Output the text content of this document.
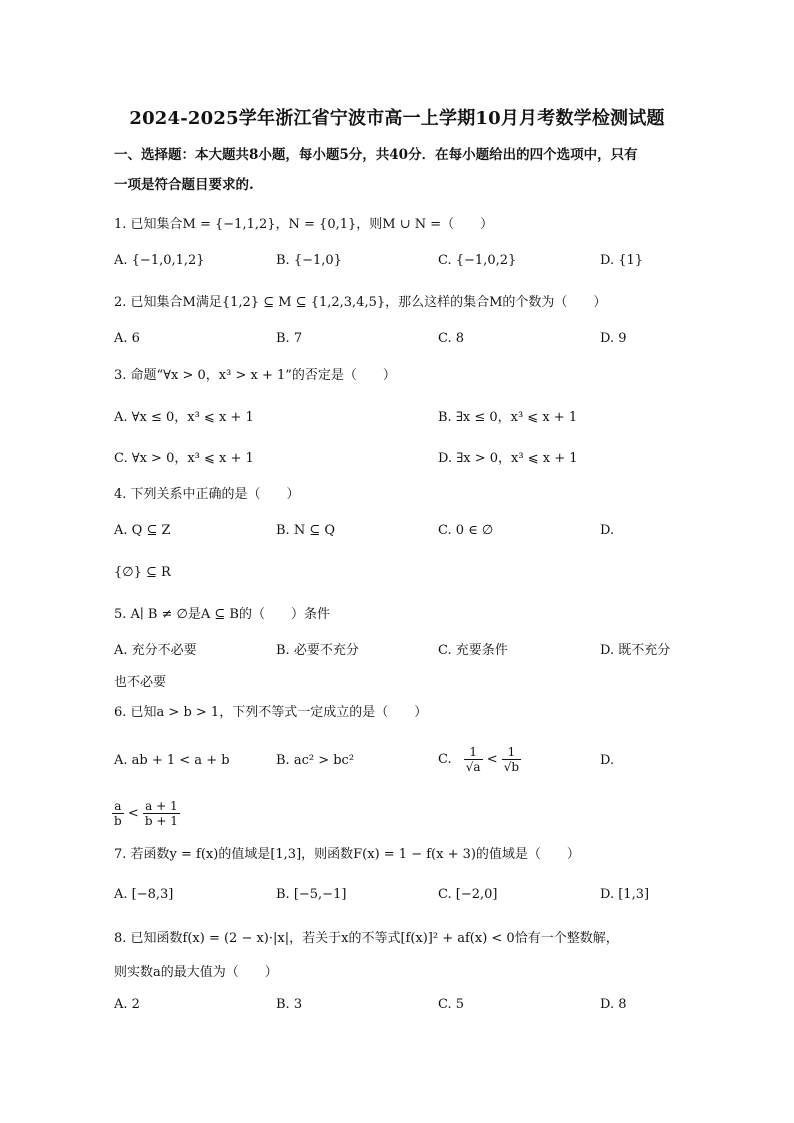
2024-2025学年浙江省宁波市高一上学期10月月考数学检测试题
一、选择题：本大题共8小题，每小题5分，共40分．在每小题给出的四个选项中，只有
一项是符合题目要求的.
1. 已知集合M = {−1,1,2}，N = {0,1}，则M ∪ N =（　　）
A. {−1,0,1,2}	B. {−1,0}	C. {−1,0,2}	D. {1}
2. 已知集合M满足{1,2} ⊆ M ⊆ {1,2,3,4,5}，那么这样的集合M的个数为（　　）
A. 6	B. 7	C. 8	D. 9
3. 命题“∀x > 0，x³ > x + 1”的否定是（　　）
A. ∀x ≤ 0，x³ ⩽ x + 1	B. ∃x ≤ 0，x³ ⩽ x + 1
C. ∀x > 0，x³ ⩽ x + 1	D. ∃x > 0，x³ ⩽ x + 1
4. 下列关系中正确的是（　　）
A. Q ⊆ Z	B. N ⊆ Q	C. 0 ∈ ∅	D.
{∅} ⊆ R
5. A∣ B ≠ ∅是A ⊆ B的（　　）条件
A. 充分不必要	B. 必要不充分	C. 充要条件	D. 既不充分
也不必要
6. 已知a > b > 1，下列不等式一定成立的是（　　）
A. ab + 1 < a + b	B. ac² > bc²	C. $\frac{1}{√a} < \frac{1}{√b}$	D.
$\frac{a}{b} < \frac{a + 1}{b + 1}$
7. 若函数y = f(x)的值域是[1,3]，则函数F(x) = 1 − f(x + 3)的值域是（　　）
A. [−8,3]	B. [−5,−1]	C. [−2,0]	D. [1,3]
8. 已知函数f(x) = (2 − x)·|x|，若关于x的不等式[f(x)]² + af(x) < 0恰有一个整数解，
则实数a的最大值为（　　）
A. 2	B. 3	C. 5	D. 8
